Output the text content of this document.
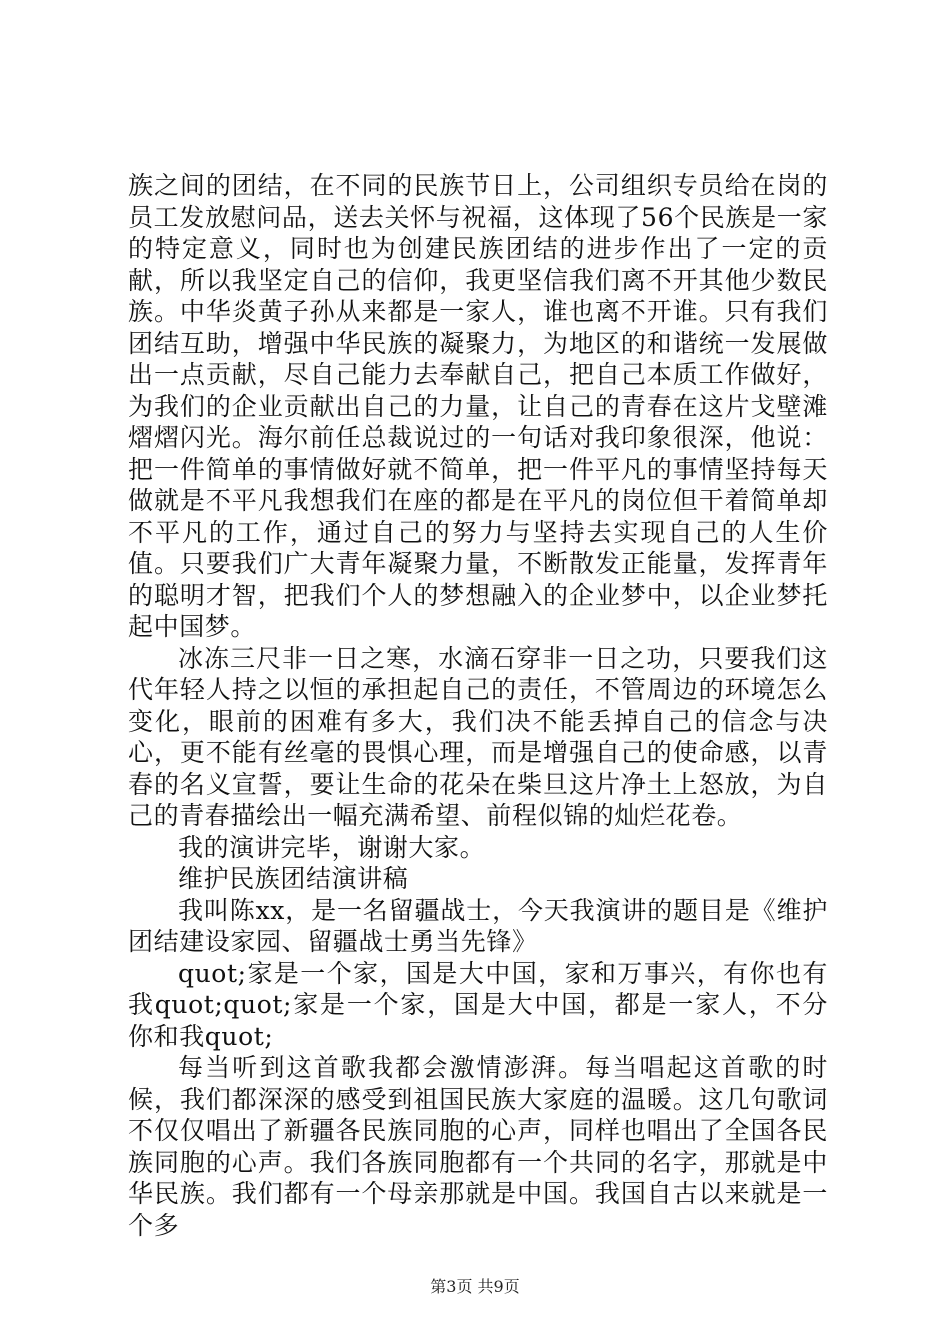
族之间的团结，在不同的民族节日上，公司组织专员给在岗的员工发放慰问品，送去关怀与祝福，这体现了56个民族是一家的特定意义，同时也为创建民族团结的进步作出了一定的贡献，所以我坚定自己的信仰，我更坚信我们离不开其他少数民族。中华炎黄子孙从来都是一家人，谁也离不开谁。只有我们团结互助，增强中华民族的凝聚力，为地区的和谐统一发展做出一点贡献，尽自己能力去奉献自己，把自己本质工作做好，为我们的企业贡献出自己的力量，让自己的青春在这片戈壁滩熠熠闪光。海尔前任总裁说过的一句话对我印象很深，他说：把一件简单的事情做好就不简单，把一件平凡的事情坚持每天做就是不平凡我想我们在座的都是在平凡的岗位但干着简单却不平凡的工作，通过自己的努力与坚持去实现自己的人生价值。只要我们广大青年凝聚力量，不断散发正能量，发挥青年的聪明才智，把我们个人的梦想融入的企业梦中，以企业梦托起中国梦。

冰冻三尺非一日之寒，水滴石穿非一日之功，只要我们这代年轻人持之以恒的承担起自己的责任，不管周边的环境怎么变化，眼前的困难有多大，我们决不能丢掉自己的信念与决心，更不能有丝毫的畏惧心理，而是增强自己的使命感，以青春的名义宣誓，要让生命的花朵在柴旦这片净土上怒放，为自己的青春描绘出一幅充满希望、前程似锦的灿烂花卷。

我的演讲完毕，谢谢大家。

维护民族团结演讲稿

我叫陈xx，是一名留疆战士，今天我演讲的题目是《维护团结建设家园、留疆战士勇当先锋》

quot;家是一个家，国是大中国，家和万事兴，有你也有我quot;quot;家是一个家，国是大中国，都是一家人，不分你和我quot;

每当听到这首歌我都会激情澎湃。每当唱起这首歌的时候，我们都深深的感受到祖国民族大家庭的温暖。这几句歌词不仅仅唱出了新疆各民族同胞的心声，同样也唱出了全国各民族同胞的心声。我们各族同胞都有一个共同的名字，那就是中华民族。我们都有一个母亲那就是中国。我国自古以来就是一个多

第3页 共9页
